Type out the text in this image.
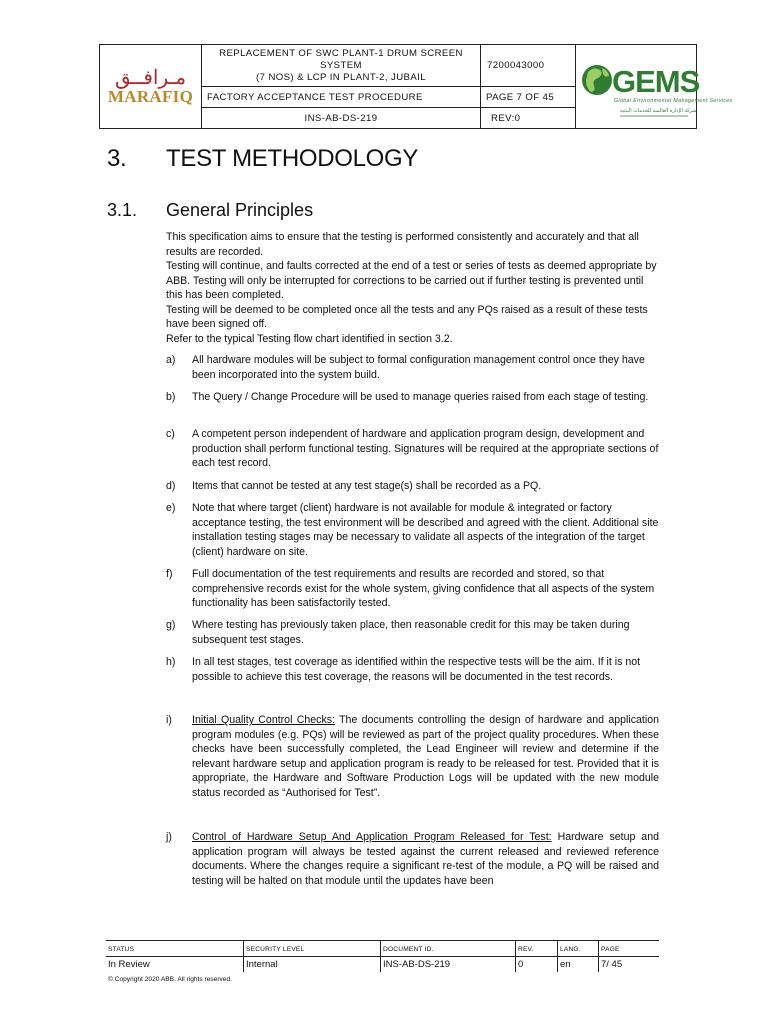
مـرافــق
MARAFIQ
REPLACEMENT OF SWC PLANT-1 DRUM SCREEN
SYSTEM
(7 NOS) & LCP IN PLANT-2, JUBAIL
7200043000
FACTORY ACCEPTANCE TEST PROCEDURE	PAGE 7 OF 45
INS-AB-DS-219	REV:0
GEMS
Global Environmental Management Services
شركة الإدارة العالمية للخدمات البيئية
3. TEST METHODOLOGY
3.1. General Principles

This specification aims to ensure that the testing is performed consistently and accurately and that all results are recorded.

Testing will continue, and faults corrected at the end of a test or series of tests as deemed appropriate by ABB. Testing will only be interrupted for corrections to be carried out if further testing is prevented until this has been completed.

Testing will be deemed to be completed once all the tests and any PQs raised as a result of these tests have been signed off.

Refer to the typical Testing flow chart identified in section 3.2.

a) All hardware modules will be subject to formal configuration management control once they have been incorporated into the system build.
b) The Query / Change Procedure will be used to manage queries raised from each stage of testing.
c) A competent person independent of hardware and application program design, development and production shall perform functional testing. Signatures will be required at the appropriate sections of each test record.
d) Items that cannot be tested at any test stage(s) shall be recorded as a PQ.
e) Note that where target (client) hardware is not available for module & integrated or factory acceptance testing, the test environment will be described and agreed with the client. Additional site installation testing stages may be necessary to validate all aspects of the integration of the target (client) hardware on site.
f) Full documentation of the test requirements and results are recorded and stored, so that comprehensive records exist for the whole system, giving confidence that all aspects of the system functionality has been satisfactorily tested.
g) Where testing has previously taken place, then reasonable credit for this may be taken during subsequent test stages.
h) In all test stages, test coverage as identified within the respective tests will be the aim. If it is not possible to achieve this test coverage, the reasons will be documented in the test records.
i) Initial Quality Control Checks: The documents controlling the design of hardware and application program modules (e.g. PQs) will be reviewed as part of the project quality procedures. When these checks have been successfully completed, the Lead Engineer will review and determine if the relevant hardware setup and application program is ready to be released for test. Provided that it is appropriate, the Hardware and Software Production Logs will be updated with the new module status recorded as “Authorised for Test”.
j) Control of Hardware Setup And Application Program Released for Test: Hardware setup and application program will always be tested against the current released and reviewed reference documents. Where the changes require a significant re-test of the module, a PQ will be raised and testing will be halted on that module until the updates have been
STATUS
In Review
SECURITY LEVEL
Internal
DOCUMENT ID.
INS-AB-DS-219
REV.
0
LANG.
en
PAGE
7/ 45
© Copyright 2020 ABB. All rights reserved.
